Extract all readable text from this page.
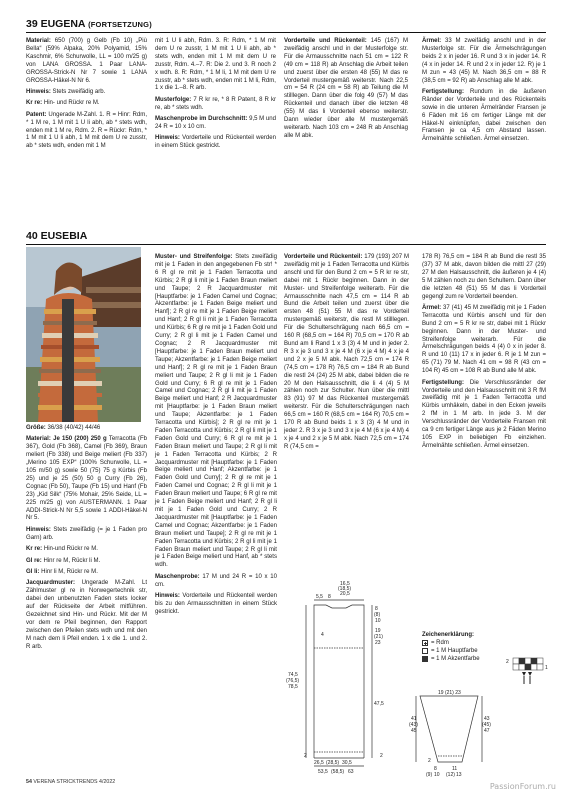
39 EUGENA (FORTSETZUNG)

Material: 650 (700) g Gelb (Fb 10) „Più Bella“ (59% Alpaka, 20% Polyamid, 15% Kaschmir, 6% Schurwolle, LL = 100 m/25 g) von LANA GROSSA. 1 Paar LANA-GROSSA-Strick-N Nr 7 sowie 1 LANA GROSSA-Häkel-N Nr 6.

Hinweis: Stets zweifädig arb.

Kr re: Hin- und Rückr re M.

Patent: Ungerade M-Zahl. 1. R = Hinr: Rdm, * 1 M re, 1 M mit 1 U li abh, ab * stets wdh, enden mit 1 M re, Rdm. 2. R = Rückr: Rdm, * 1 M mit 1 U li abh, 1 M mit dem U re zusstr, ab * stets wdh, enden mit 1 M

mit 1 U li abh, Rdm. 3. R: Rdm, * 1 M mit dem U re zusstr, 1 M mit 1 U li abh, ab * stets wdh, enden mit 1 M mit dem U re zusstr, Rdm. 4.–7. R: Die 2. und 3. R noch 2 x wdh. 8. R: Rdm, * 1 M li, 1 M mit dem U re zusstr, ab * stets wdh, enden mit 1 M li, Rdm, 1 x die 1.–8. R arb.

Musterfolge: 7 R kr re, * 8 R Patent, 8 R kr re, ab * stets wdh.

Maschenprobe im Durchschnitt: 9,5 M und 24 R = 10 x 10 cm.

Hinweis: Vorderteile und Rückenteil werden in einem Stück gestrickt.

Vorderteile und Rückenteil: 145 (167) M zweifädig anschl und in der Musterfolge str. Für die Armausschnitte nach 51 cm = 122 R (49 cm = 118 R) ab Anschlag die Arbeit teilen und zuerst über die ersten 48 (55) M das re Vorderteil mustergemäß weiterstr. Nach 22,5 cm = 54 R (24 cm = 58 R) ab Teilung die M stilllegen. Dann über die folg 49 (57) M das Rückenteil und danach über die letzten 48 (55) M das li Vorderteil ebenso weiterstr. Dann wieder über alle M mustergemäß weiterarb. Nach 103 cm = 248 R ab Anschlag alle M abk.

Ärmel: 33 M zweifädig anschl und in der Musterfolge str. Für die Ärmelschrägungen beids 2 x in jeder 16. R und 3 x in jeder 14. R (4 x in jeder 14. R und 2 x in jeder 12. R) je 1 M zun = 43 (45) M. Nach 36,5 cm = 88 R (38,5 cm = 92 R) ab Anschlag alle M abk.

Fertigstellung: Rundum in die äußeren Ränder der Vorderteile und des Rückenteils sowie in die unteren Ärmelränder Fransen je 6 Fäden mit 16 cm fertiger Länge mit der Häkel-N einknüpfen, dabei zwischen den Fransen je ca 4,5 cm Abstand lassen. Ärmelnähte schließen. Ärmel einsetzen.

40 EUSEBIA

Größe: 36/38 (40/42) 44/46

Material: Je 150 (200) 250 g Terracotta (Fb 367), Gold (Fb 368), Camel (Fb 369), Braun meliert (Fb 338) und Beige meliert (Fb 337) „Merino 105 EXP“ (100% Schurwolle, LL = 105 m/50 g) sowie 50 (75) 75 g Kürbis (Fb 25) und je 25 (50) 50 g Curry (Fb 26), Cognac (Fb 50), Taupe (Fb 15) und Hanf (Fb 23) „Kid Silk“ (75% Mohair, 25% Seide, LL = 225 m/25 g) von AUSTERMANN. 1 Paar ADDI-Strick-N Nr 5,5 sowie 1 ADDI-Häkel-N Nr 5.

Hinweis: Stets zweifädig (= je 1 Faden pro Garn) arb.

Kr re: Hin-und Rückr re M.

Gl re: Hinr re M, Rückr li M.

Gl li: Hinr li M, Rückr re M.

Jacquardmuster: Ungerade M-Zahl. Lt Zählmuster gl re in Norwegertechnik str, dabei den unbenutzten Faden stets locker auf der Rückseite der Arbeit mitführen. Gezeichnet sind Hin- und Rückr. Mit der M vor dem re Pfeil beginnen, den Rapport zwischen den Pfeilen stets wdh und mit den M nach dem li Pfeil enden. 1 x die 1. und 2. R arb.

Muster- und Streifenfolge: Stets zweifädig mit je 1 Faden in den angegebenen Fb str! * 6 R gl re mit je 1 Faden Terracotta und Kürbis; 2 R gl li mit je 1 Faden Braun meliert und Taupe; 2 R Jacquardmuster mit [Hauptfarbe: je 1 Faden Camel und Cognac; Akzentfarbe: je 1 Faden Beige meliert und Hanf]; 2 R gl re mit je 1 Faden Beige meliert und Hanf; 2 R gl li mit je 1 Faden Terracotta und Kürbis; 6 R gl re mit je 1 Faden Gold und Curry; 2 R gl li mit je 1 Faden Camel und Cognac; 2 R Jacquardmuster mit [Hauptfarbe: je 1 Faden Braun meliert und Taupe; Akzentfarbe: je 1 Faden Beige meliert und Hanf]; 2 R gl re mit je 1 Faden Braun meliert und Taupe; 2 R gl li mit je 1 Faden Gold und Curry; 6 R gl re mit je 1 Faden Camel und Cognac; 2 R gl li mit je 1 Faden Beige meliert und Hanf; 2 R Jacquardmuster mit [Hauptfarbe: je 1 Faden Braun meliert und Taupe; Akzentfarbe: je 1 Faden Terracotta und Kürbis]; 2 R gl re mit je 1 Faden Terracotta und Kürbis; 2 R gl li mit je 1 Faden Gold und Curry; 6 R gl re mit je 1 Faden Braun meliert und Taupe; 2 R gl li mit je 1 Faden Terracotta und Kürbis; 2 R Jacquardmuster mit [Hauptfarbe: je 1 Faden Beige meliert und Hanf; Akzentfarbe: je 1 Faden Gold und Curry]; 2 R gl re mit je 1 Faden Camel und Cognac; 2 R gl li mit je 1 Faden Braun meliert und Taupe; 6 R gl re mit je 1 Faden Beige meliert und Hanf; 2 R gl li mit je 1 Faden Gold und Curry; 2 R Jacquardmuster mit [Hauptfarbe: je 1 Faden Camel und Cognac; Akzentfarbe: je 1 Faden Braun meliert und Taupe]; 2 R gl re mit je 1 Faden Terracotta und Kürbis; 2 R gl li mit je 1 Faden Braun meliert und Taupe; 2 R gl li mit je 1 Faden Beige meliert und Hanf, ab * stets wdh.

Maschenprobe: 17 M und 24 R = 10 x 10 cm.

Hinweis: Vorderteile und Rückenteil werden bis zu den Armausschnitten in einem Stück gestrickt.

Vorderteile und Rückenteil: 179 (193) 207 M zweifädig mit je 1 Faden Terracotta und Kürbis anschl und für den Bund 2 cm = 5 R kr re str, dabei mit 1 Rückr beginnen. Dann in der Muster- und Streifenfolge weiterarb. Für die Armausschnitte nach 47,5 cm = 114 R ab Bund die Arbeit teilen und zuerst über die ersten 48 (51) 55 M das re Vorderteil mustergemäß weiterstr, die restl M stilllegen. Für die Schulterschrägung nach 66,5 cm = 160 R (68,5 cm = 164 R) 70,5 cm = 170 R ab Bund am li Rand 1 x 3 (3) 4 M und in jeder 2. R 3 x je 3 und 3 x je 4 M (6 x je 4 M) 4 x je 4 und 2 x je 5 M abk. Nach 72,5 cm = 174 R (74,5 cm = 178 R) 76,5 cm = 184 R ab Bund die restl 24 (24) 25 M abk, dabei bilden die re 20 M den Halsausschnitt, die li 4 (4) 5 M zählen noch zur Schulter. Nun über die mittl 83 (91) 97 M das Rückenteil mustergemäß weiterstr. Für die Schulterschrägungen nach 66,5 cm = 160 R (68,5 cm = 164 R) 70,5 cm = 170 R ab Bund beids 1 x 3 (3) 4 M und in jeder 2. R 3 x je 3 und 3 x je 4 M (6 x je 4 M) 4 x je 4 und 2 x je 5 M abk. Nach 72,5 cm = 174 R (74,5 cm =

178 R) 76,5 cm = 184 R ab Bund die restl 35 (37) 37 M abk, davon bilden die mittl 27 (29) 27 M den Halsausschnitt, die äußeren je 4 (4) 5 M zählen noch zu den Schultern. Dann über die letzten 48 (51) 55 M das li Vorderteil gegengl zum re Vorderteil beenden.

Ärmel: 37 (41) 45 M zweifädig mit je 1 Faden Terracotta und Kürbis anschl und für den Bund 2 cm = 5 R kr re str, dabei mit 1 Rückr beginnen. Dann in der Muster- und Streifenfolge weiterarb. Für die Ärmelschrägungen beids 4 (4) 0 x in jeder 8. R und 10 (11) 17 x in jeder 6. R je 1 M zun = 65 (71) 79 M. Nach 41 cm = 98 R (43 cm = 104 R) 45 cm = 108 R ab Bund alle M abk.

Fertigstellung: Die Verschlussränder der Vorderteile und den Halsausschnitt mit 3 R fM zweifädig mit je 1 Faden Terracotta und Kürbis umhäkeln, dabei in den Ecken jeweils 2 fM in 1 M arb. In jede 3. M der Verschlussränder der Vorderteile Fransen mit ca 9 cm fertiger Länge aus je 2 Fäden Merino 105 EXP in beliebigen Fb einziehen. Ärmelnähte schließen. Ärmel einsetzen.

5,5 8
16,5
(18,5)
20,5
74,5
(76,5)
78,5
8
(8)
10
19
(21)
23
47,5
2
4
2
26,5 (28,5) 30,5
53,5 (58,5) 63
Zeichenerklärung:
= Rdm
= 1 M Hauptfarbe
= 1 M Akzentfarbe	2
1
19 (21) 23
41
(43)
45
43
(45)
47
2
8
(9) 10
11
(12) 13
54 VERENA STRICKTRENDS 4/2022	PassionForum.ru
